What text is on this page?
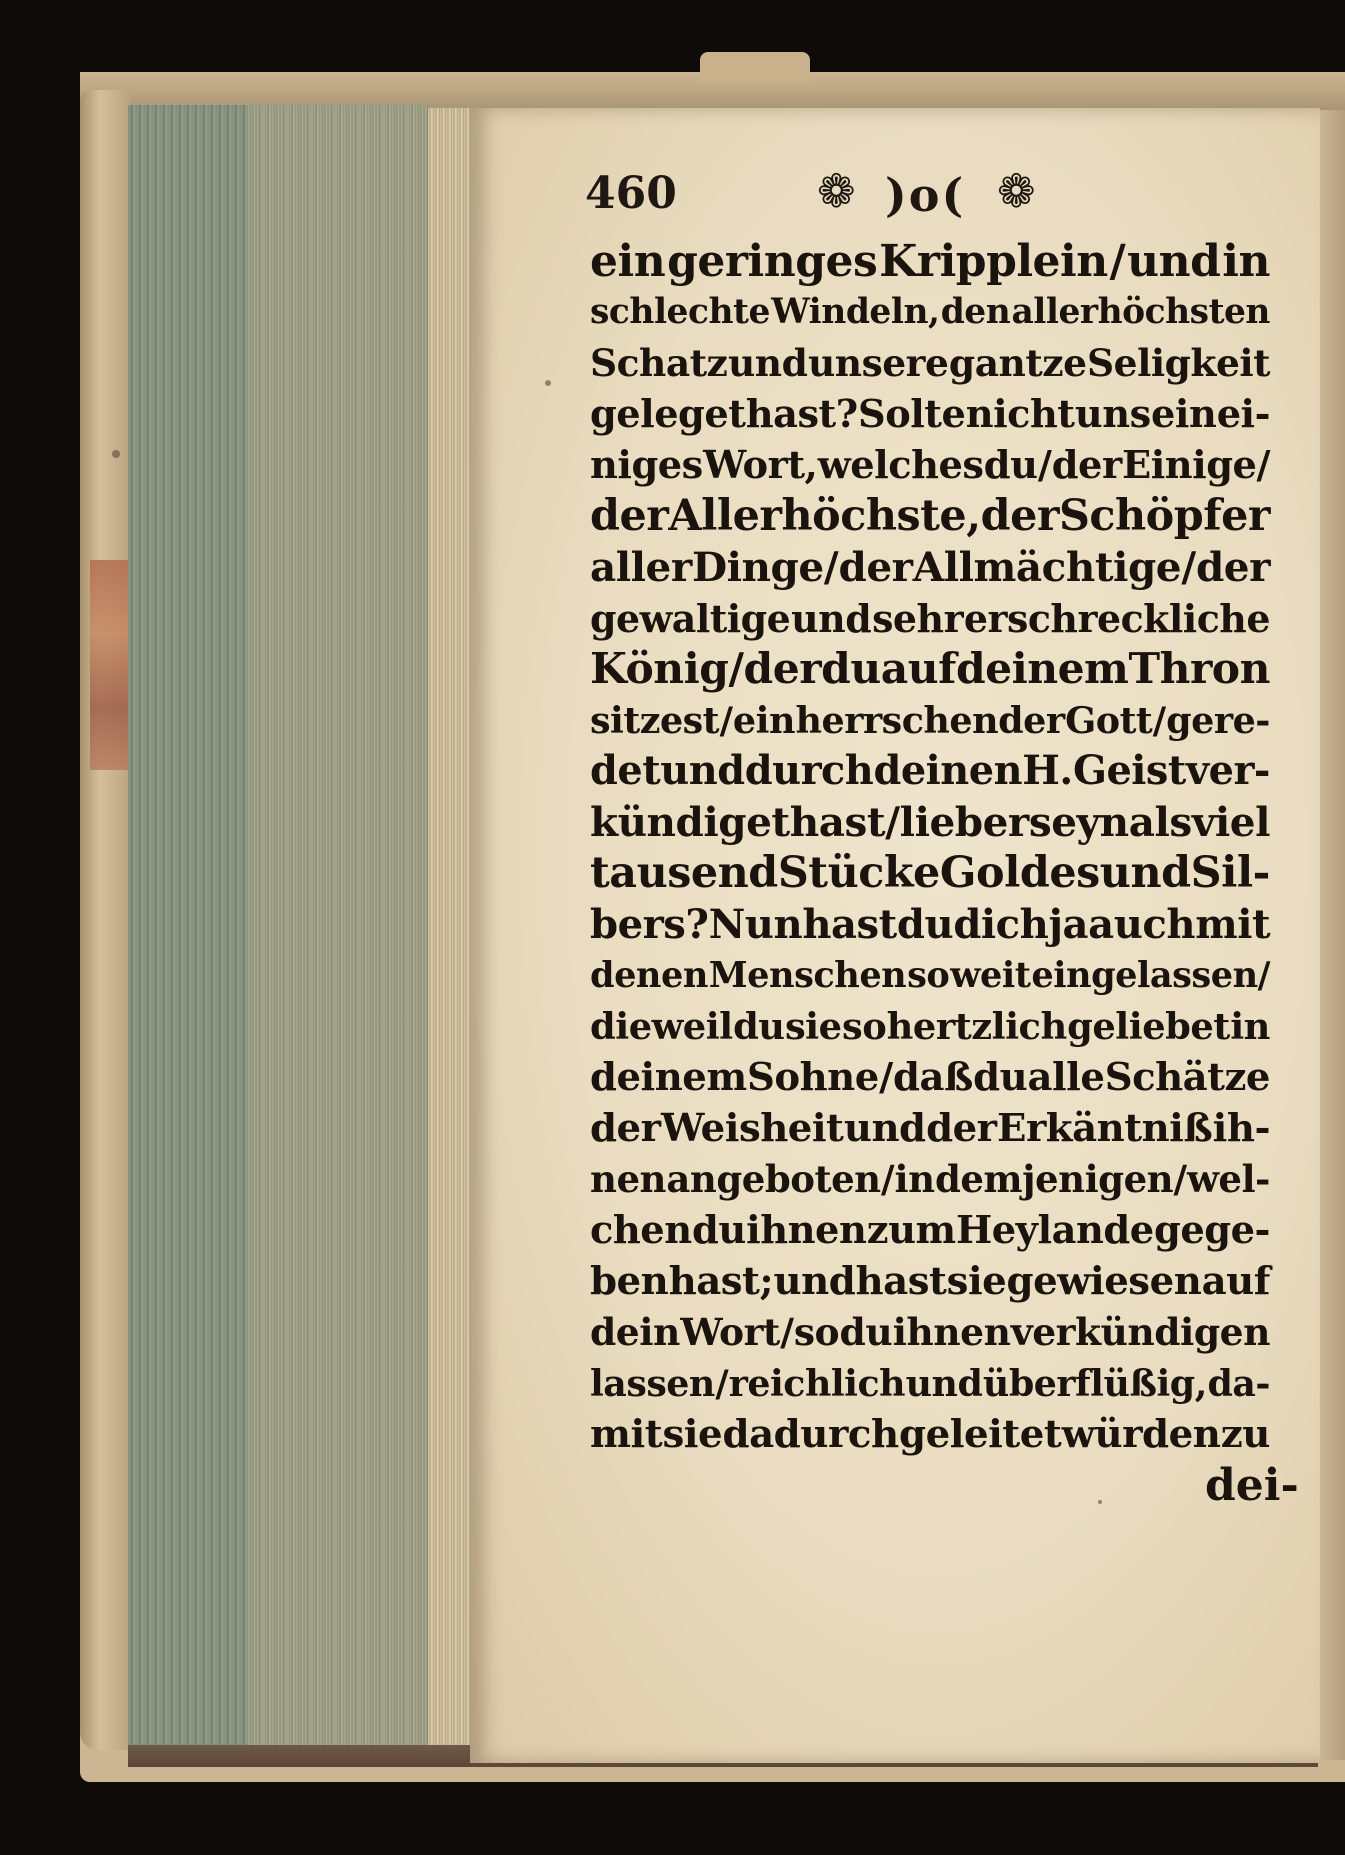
460	❁ )o( ❁
ein geringes Kripplein / und in
schlechte Windeln, den allerhöchsten
Schatz und unsere gantze Seligkeit
geleget hast? Solte nicht uns ein ei-
niges Wort, welches du / der Einige/
der Allerhöchste, der Schöpfer
aller Dinge / der Allmächtige / der
gewaltige und sehr erschreckliche
König / der du auf deinem Thron
sitzest / ein herrschender Gott / gere-
det und durch deinen H. Geist ver-
kündiget hast / lieber seyn als viel
tausend Stücke Goldes und Sil-
bers? Nun hast du dich ja auch mit
denen Menschen so weit eingelassen/
dieweil du sie so hertzlich geliebet in
deinem Sohne / daß du alle Schätze
der Weisheit und der Erkäntniß ih-
nen angeboten / in demjenigen / wel-
chen du ihnen zum Heylande gege-
ben hast; und hast sie gewiesen auf
dein Wort / so du ihnen verkündigen
lassen / reichlich und überflüßig, da-
mit sie dadurch geleitet würden zu
dei-
